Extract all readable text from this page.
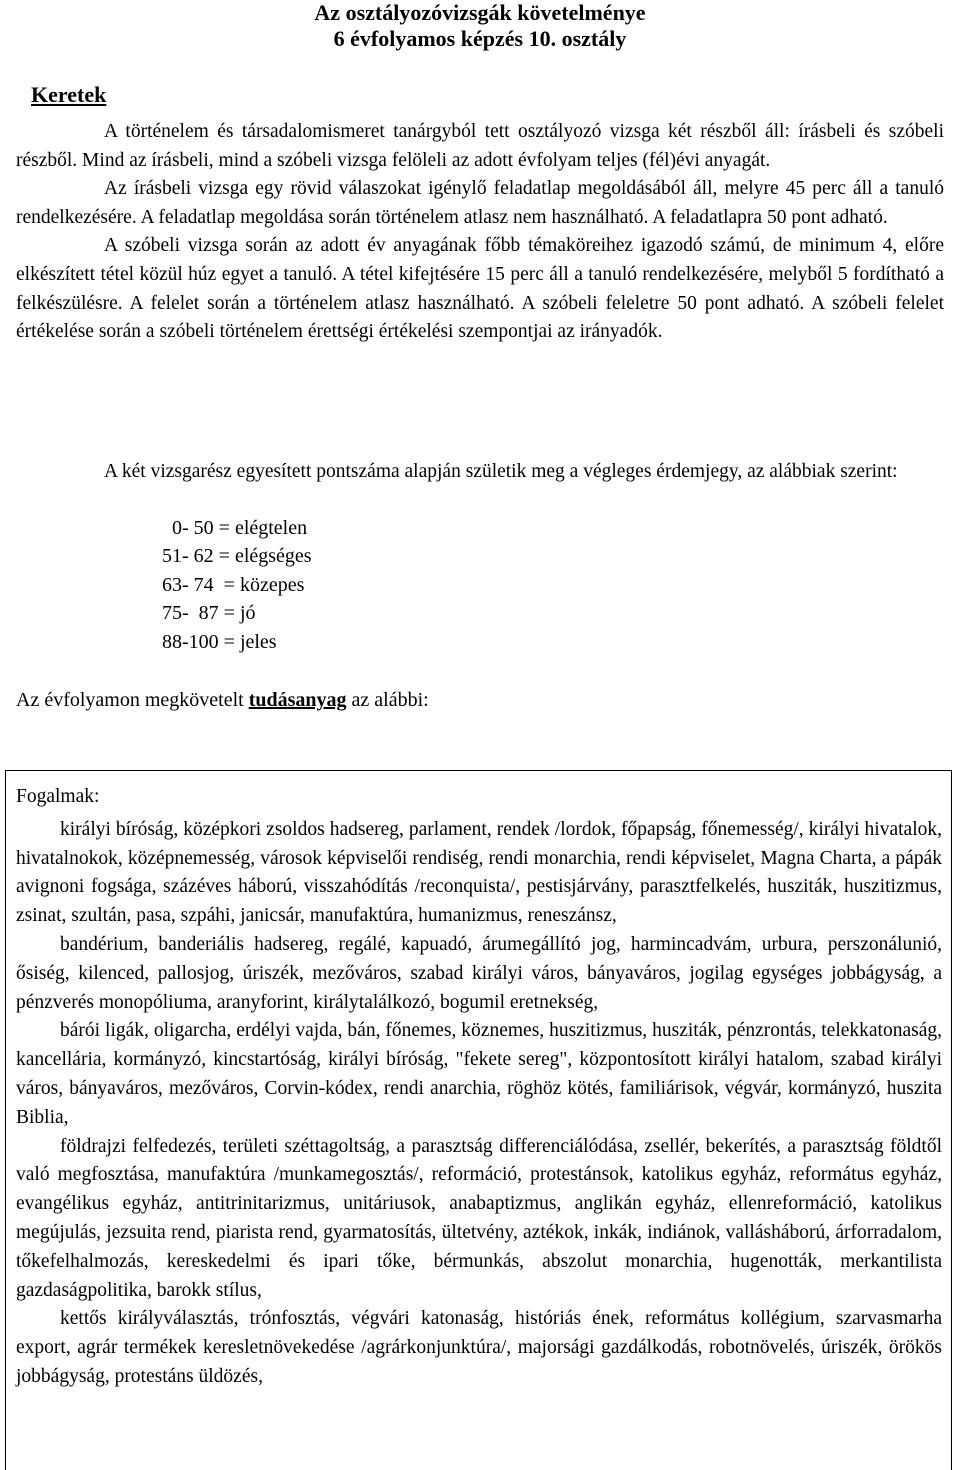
Az osztályozóvizsgák követelménye
6 évfolyamos képzés 10. osztály
Keretek

A történelem és társadalomismeret tanárgyból tett osztályozó vizsga két részből áll: írásbeli és szóbeli részből. Mind az írásbeli, mind a szóbeli vizsga felöleli az adott évfolyam teljes (fél)évi anyagát.

Az írásbeli vizsga egy rövid válaszokat igénylő feladatlap megoldásából áll, melyre 45 perc áll a tanuló rendelkezésére. A feladatlap megoldása során történelem atlasz nem használható. A feladatlapra 50 pont adható.

A szóbeli vizsga során az adott év anyagának főbb témaköreihez igazodó számú, de minimum 4, előre elkészített tétel közül húz egyet a tanuló. A tétel kifejtésére 15 perc áll a tanuló rendelkezésére, melyből 5 fordítható a felkészülésre. A felelet során a történelem atlasz használható. A szóbeli feleletre 50 pont adható. A szóbeli felelet értékelése során a szóbeli történelem érettségi értékelési szempontjai az irányadók.

A két vizsgarész egyesített pontszáma alapján születik meg a végleges érdemjegy, az alábbiak szerint:

0- 50 = elégtelen
51- 62 = elégséges
63- 74  = közepes
75-  87 = jó
88-100 = jeles
Az évfolyamon megkövetelt tudásanyag az alábbi:
Fogalmak:

királyi bíróság, középkori zsoldos hadsereg, parlament, rendek /lordok, főpapság, főnemesség/, királyi hivatalok, hivatalnokok, középnemesség, városok képviselői rendiség, rendi monarchia, rendi képviselet, Magna Charta, a pápák avignoni fogsága, százéves háború, visszahódítás /reconquista/, pestisjárvány, parasztfelkelés, husziták, huszitizmus, zsinat, szultán, pasa, szpáhi, janicsár, manufaktúra, humanizmus, reneszánsz,

bandérium, banderiális hadsereg, regálé, kapuadó, árumegállító jog, harmincadvám, urbura, perszonálunió, ősiség, kilenced, pallosjog, úriszék, mezőváros, szabad királyi város, bányaváros, jogilag egységes jobbágyság, a pénzverés monopóliuma, aranyforint, királytalálkozó, bogumil eretnekség,

bárói ligák, oligarcha, erdélyi vajda, bán, főnemes, köznemes, huszitizmus, husziták, pénzrontás, telekkatonaság, kancellária, kormányzó, kincstartóság, királyi bíróság, "fekete sereg", központosított királyi hatalom, szabad királyi város, bányaváros, mezőváros, Corvin-kódex, rendi anarchia, röghöz kötés, familiárisok, végvár, kormányzó, huszita Biblia,

földrajzi felfedezés, területi széttagoltság, a parasztság differenciálódása, zsellér, bekerítés, a parasztság földtől való megfosztása, manufaktúra /munkamegosztás/, reformáció, protestánsok, katolikus egyház, református egyház, evangélikus egyház, antitrinitarizmus, unitáriusok, anabaptizmus, anglikán egyház, ellenreformáció, katolikus megújulás, jezsuita rend, piarista rend, gyarmatosítás, ültetvény, aztékok, inkák, indiánok, vallásháború, árforradalom, tőkefelhalmozás, kereskedelmi és ipari tőke, bérmunkás, abszolut monarchia, hugenották, merkantilista gazdaságpolitika, barokk stílus,

kettős királyválasztás, trónfosztás, végvári katonaság, históriás ének, református kollégium, szarvasmarha export, agrár termékek keresletnövekedése /agrárkonjunktúra/, majorsági gazdálkodás, robotnövelés, úriszék, örökös jobbágyság, protestáns üldözés,
